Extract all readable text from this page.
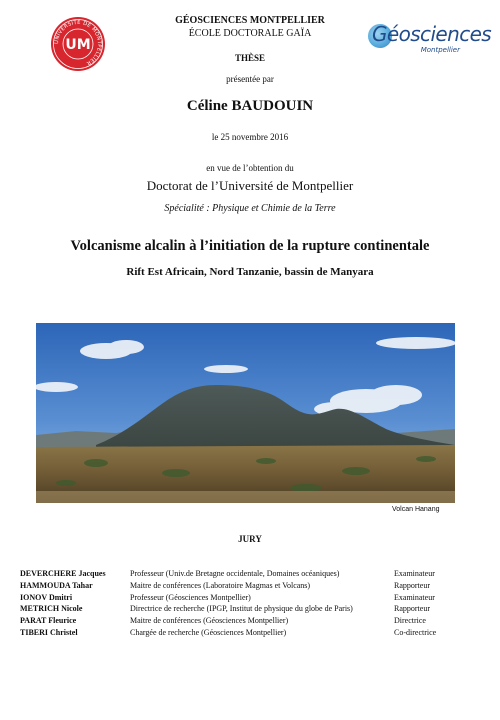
UNIVERSITÉ DE MONTPELLIER
UM	Géosciences
Montpellier
GÉOSCIENCES MONTPELLIER
ÉCOLE DOCTORALE GAÏA
THÈSE
présentée par
Céline BAUDOUIN
le 25 novembre 2016
en vue de l’obtention du
Doctorat de l’Université de Montpellier
Spécialité : Physique et Chimie de la Terre
Volcanisme alcalin à l’initiation de la rupture continentale
Rift Est Africain, Nord Tanzanie, bassin de Manyara
Volcan Hanang
JURY
DEVERCHERE Jacques	Professeur (Univ.de Bretagne occidentale, Domaines océaniques)	Examinateur
HAMMOUDA Tahar	Maitre de conférences (Laboratoire Magmas et Volcans)	Rapporteur
IONOV Dmitri	Professeur (Géosciences Montpellier)	Examinateur
METRICH Nicole	Directrice de recherche (IPGP, Institut de physique du globe de Paris)	Rapporteur
PARAT Fleurice	Maitre de conférences (Géosciences Montpellier)	Directrice
TIBERI Christel	Chargée de recherche (Géosciences Montpellier)	Co-directrice
